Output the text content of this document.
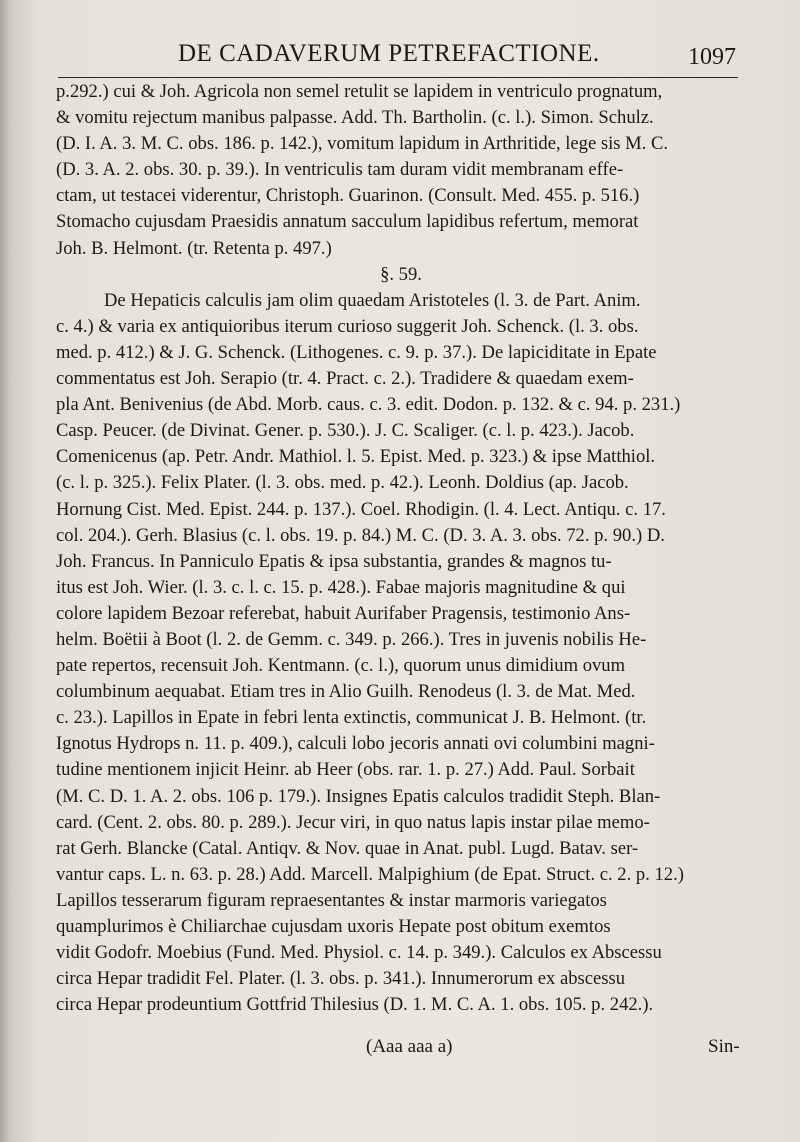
DE CADAVERUM PETREFACTIONE.	1097
p.292.) cui & Joh. Agricola non semel retulit se lapidem in ventriculo prognatum,
& vomitu rejectum manibus palpasse. Add. Th. Bartholin. (c. l.). Simon. Schulz.
(D. I. A. 3. M. C. obs. 186. p. 142.), vomitum lapidum in Arthritide, lege sis M. C.
(D. 3. A. 2. obs. 30. p. 39.). In ventriculis tam duram vidit membranam effe-
ctam, ut testacei viderentur, Christoph. Guarinon. (Consult. Med. 455. p. 516.)
Stomacho cujusdam Praesidis annatum sacculum lapidibus refertum, memorat
Joh. B. Helmont. (tr. Retenta p. 497.)
§. 59.
De Hepaticis calculis jam olim quaedam Aristoteles (l. 3. de Part. Anim.
c. 4.) & varia ex antiquioribus iterum curioso suggerit Joh. Schenck. (l. 3. obs.
med. p. 412.) & J. G. Schenck. (Lithogenes. c. 9. p. 37.). De lapiciditate in Epate
commentatus est Joh. Serapio (tr. 4. Pract. c. 2.). Tradidere & quaedam exem-
pla Ant. Benivenius (de Abd. Morb. caus. c. 3. edit. Dodon. p. 132. & c. 94. p. 231.)
Casp. Peucer. (de Divinat. Gener. p. 530.). J. C. Scaliger. (c. l. p. 423.). Jacob.
Comenicenus (ap. Petr. Andr. Mathiol. l. 5. Epist. Med. p. 323.) & ipse Matthiol.
(c. l. p. 325.). Felix Plater. (l. 3. obs. med. p. 42.). Leonh. Doldius (ap. Jacob.
Hornung Cist. Med. Epist. 244. p. 137.). Coel. Rhodigin. (l. 4. Lect. Antiqu. c. 17.
col. 204.). Gerh. Blasius (c. l. obs. 19. p. 84.) M. C. (D. 3. A. 3. obs. 72. p. 90.) D.
Joh. Francus. In Panniculo Epatis & ipsa substantia, grandes & magnos tu-
itus est Joh. Wier. (l. 3. c. l. c. 15. p. 428.). Fabae majoris magnitudine & qui
colore lapidem Bezoar referebat, habuit Aurifaber Pragensis, testimonio Ans-
helm. Boëtii à Boot (l. 2. de Gemm. c. 349. p. 266.). Tres in juvenis nobilis He-
pate repertos, recensuit Joh. Kentmann. (c. l.), quorum unus dimidium ovum
columbinum aequabat. Etiam tres in Alio Guilh. Renodeus (l. 3. de Mat. Med.
c. 23.). Lapillos in Epate in febri lenta extinctis, communicat J. B. Helmont. (tr.
Ignotus Hydrops n. 11. p. 409.), calculi lobo jecoris annati ovi columbini magni-
tudine mentionem injicit Heinr. ab Heer (obs. rar. 1. p. 27.) Add. Paul. Sorbait
(M. C. D. 1. A. 2. obs. 106 p. 179.). Insignes Epatis calculos tradidit Steph. Blan-
card. (Cent. 2. obs. 80. p. 289.). Jecur viri, in quo natus lapis instar pilae memo-
rat Gerh. Blancke (Catal. Antiqv. & Nov. quae in Anat. publ. Lugd. Batav. ser-
vantur caps. L. n. 63. p. 28.) Add. Marcell. Malpighium (de Epat. Struct. c. 2. p. 12.)
Lapillos tesserarum figuram repraesentantes & instar marmoris variegatos
quamplurimos è Chiliarchae cujusdam uxoris Hepate post obitum exemtos
vidit Godofr. Moebius (Fund. Med. Physiol. c. 14. p. 349.). Calculos ex Abscessu
circa Hepar tradidit Fel. Plater. (l. 3. obs. p. 341.). Innumerorum ex abscessu
circa Hepar prodeuntium Gottfrid Thilesius (D. 1. M. C. A. 1. obs. 105. p. 242.).
(Aaa aaa a)	Sin-
